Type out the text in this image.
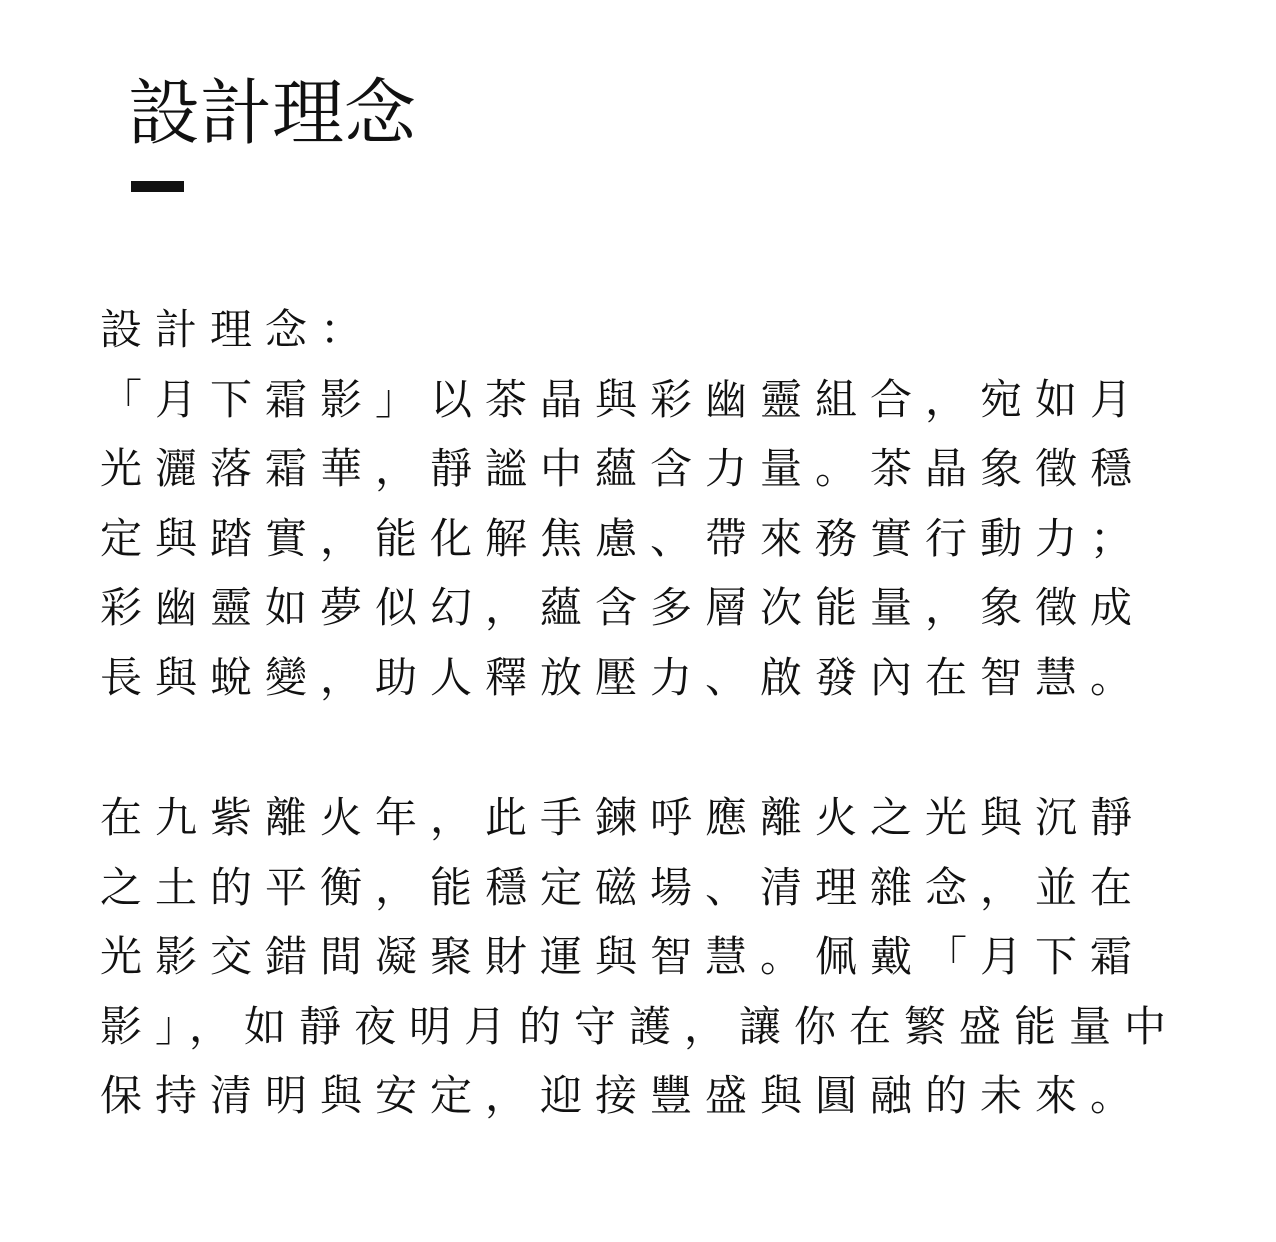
設計理念
設計理念：
「月下霜影」以茶晶與彩幽靈組合，宛如月
光灑落霜華，靜謐中蘊含力量。茶晶象徵穩
定與踏實，能化解焦慮、帶來務實行動力；
彩幽靈如夢似幻，蘊含多層次能量，象徵成
長與蛻變，助人釋放壓力、啟發內在智慧。
在九紫離火年，此手鍊呼應離火之光與沉靜
之土的平衡，能穩定磁場、清理雜念，並在
光影交錯間凝聚財運與智慧。佩戴「月下霜
影」，如靜夜明月的守護，讓你在繁盛能量中
保持清明與安定，迎接豐盛與圓融的未來。
